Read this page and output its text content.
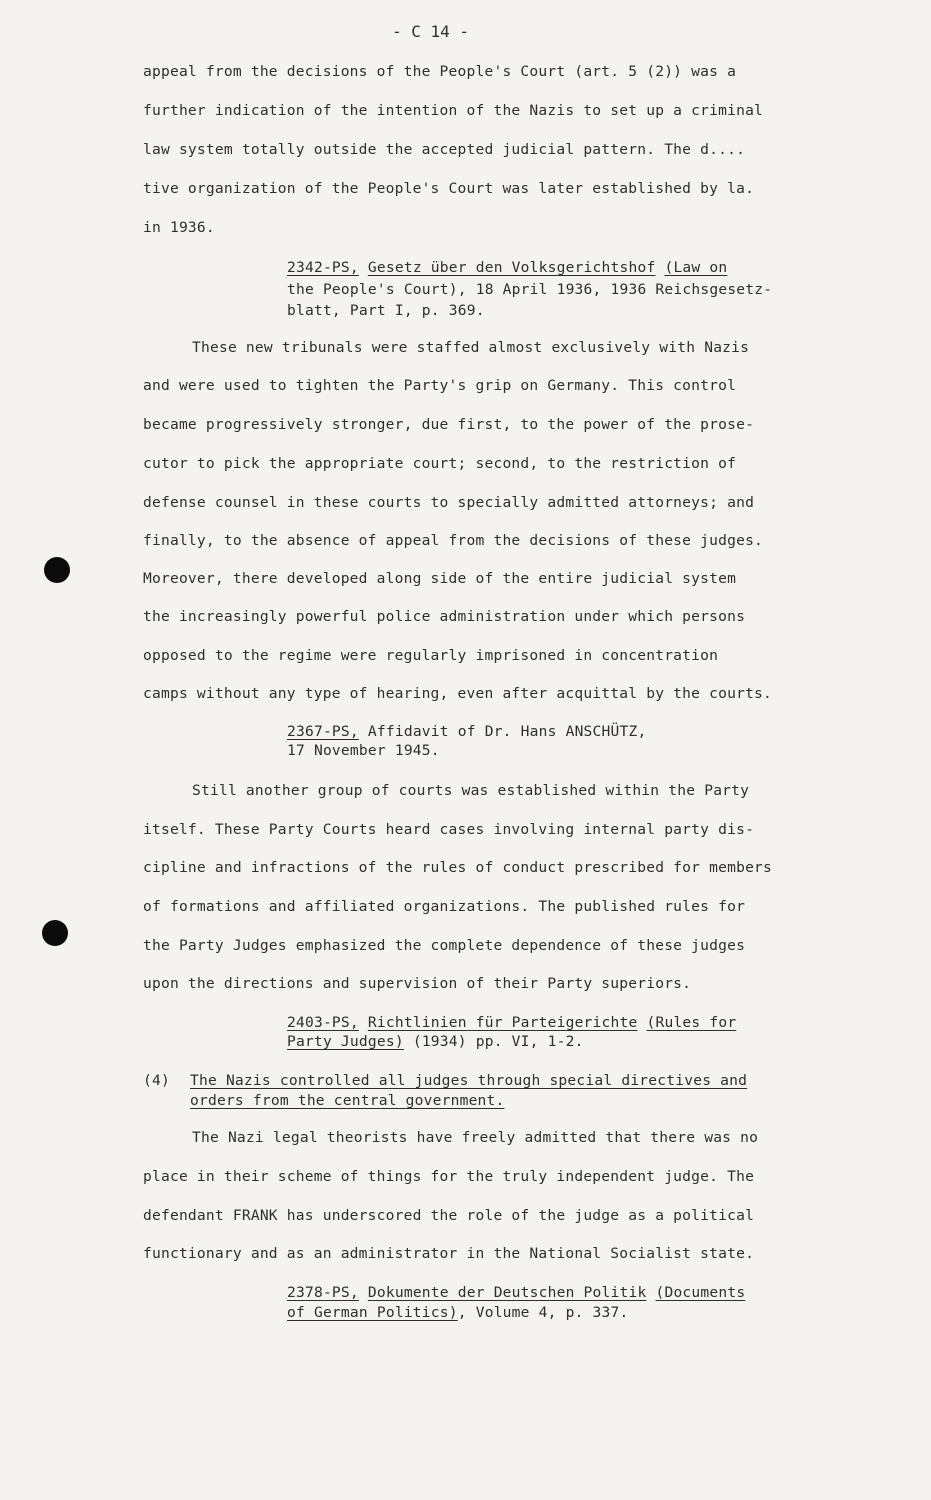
- C 14 -
appeal from the decisions of the People's Court (art. 5 (2)) was a
further indication of the intention of the Nazis to set up a criminal
law system totally outside the accepted judicial pattern. The d....
tive organization of the People's Court was later established by la.
in 1936.
2342-PS, Gesetz über den Volksgerichtshof (Law on
the People's Court), 18 April 1936, 1936 Reichsgesetz-
blatt, Part I, p. 369.
These new tribunals were staffed almost exclusively with Nazis
and were used to tighten the Party's grip on Germany. This control
became progressively stronger, due first, to the power of the prose-
cutor to pick the appropriate court; second, to the restriction of
defense counsel in these courts to specially admitted attorneys; and
finally, to the absence of appeal from the decisions of these judges.
Moreover, there developed along side of the entire judicial system
the increasingly powerful police administration under which persons
opposed to the regime were regularly imprisoned in concentration
camps without any type of hearing, even after acquittal by the courts.
2367-PS, Affidavit of Dr. Hans ANSCHÜTZ,
17 November 1945.
Still another group of courts was established within the Party
itself. These Party Courts heard cases involving internal party dis-
cipline and infractions of the rules of conduct prescribed for members
of formations and affiliated organizations. The published rules for
the Party Judges emphasized the complete dependence of these judges
upon the directions and supervision of their Party superiors.
2403-PS, Richtlinien für Parteigerichte (Rules for
Party Judges) (1934) pp. VI, 1-2.
(4) The Nazis controlled all judges through special directives and
orders from the central government.
The Nazi legal theorists have freely admitted that there was no
place in their scheme of things for the truly independent judge. The
defendant FRANK has underscored the role of the judge as a political
functionary and as an administrator in the National Socialist state.
2378-PS, Dokumente der Deutschen Politik (Documents
of German Politics), Volume 4, p. 337.
